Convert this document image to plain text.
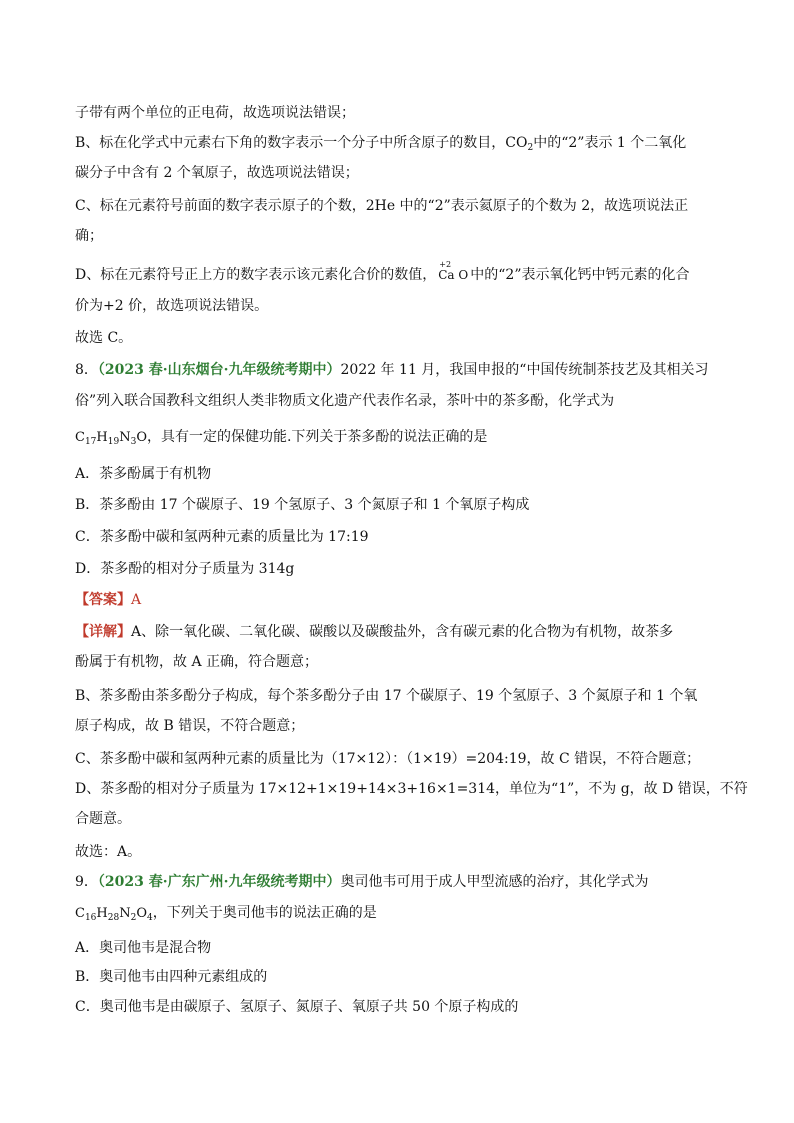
子带有两个单位的正电荷，故选项说法错误；
B、标在化学式中元素右下角的数字表示一个分子中所含原子的数目，$CO_2$中的“2”表示 1 个二氧化
碳分子中含有 2 个氧原子，故选项说法错误；
C、标在元素符号前面的数字表示原子的个数，2He 中的“2”表示氦原子的个数为 2，故选项说法正
确；
D、标在元素符号正上方的数字表示该元素化合价的数值，
+2
Ca O 中的“2”表示氧化钙中钙元素的化合
价为+2 价，故选项说法错误。
故选 C。
8．（2023 春·山东烟台·九年级统考期中）2022 年 11 月，我国申报的“中国传统制茶技艺及其相关习
俗”列入联合国教科文组织人类非物质文化遗产代表作名录，茶叶中的茶多酚，化学式为
$C_{17}H_{19}N_3O$，具有一定的保健功能.下列关于茶多酚的说法正确的是
A．茶多酚属于有机物
B．茶多酚由 17 个碳原子、19 个氢原子、3 个氮原子和 1 个氧原子构成
C．茶多酚中碳和氢两种元素的质量比为 17:19
D．茶多酚的相对分子质量为 314g
【答案】A
【详解】A、除一氧化碳、二氧化碳、碳酸以及碳酸盐外，含有碳元素的化合物为有机物，故茶多
酚属于有机物，故 A 正确，符合题意；
B、茶多酚由茶多酚分子构成，每个茶多酚分子由 17 个碳原子、19 个氢原子、3 个氮原子和 1 个氧
原子构成，故 B 错误，不符合题意；
C、茶多酚中碳和氢两种元素的质量比为（17×12）：（1×19）=204:19，故 C 错误，不符合题意；
D、茶多酚的相对分子质量为 17×12+1×19+14×3+16×1=314，单位为“1”，不为 g，故 D 错误，不符
合题意。
故选：A。
9．（2023 春·广东广州·九年级统考期中）奥司他韦可用于成人甲型流感的治疗，其化学式为
$C_{16}H_{28}N_2O_4$，下列关于奥司他韦的说法正确的是
A．奥司他韦是混合物
B．奥司他韦由四种元素组成的
C．奥司他韦是由碳原子、氢原子、氮原子、氧原子共 50 个原子构成的
